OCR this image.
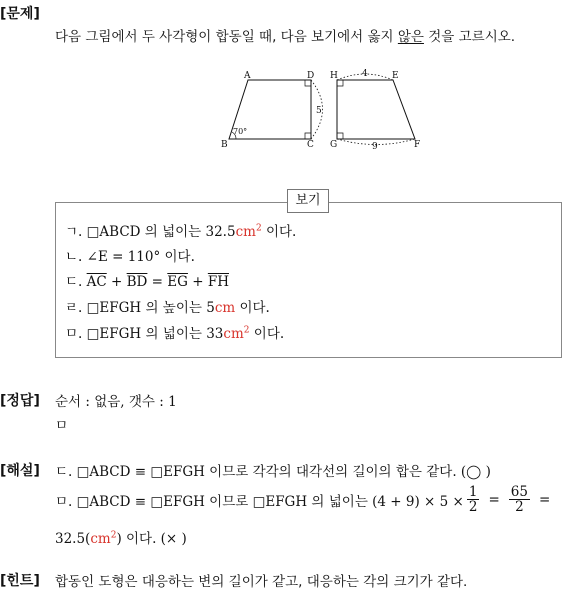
[문제]
다음 그림에서 두 사각형이 합동일 때, 다음 보기에서 옳지 않은 것을 고르시오.
A	D
B	C
5
70°
H	E
G	F
4
9
보기
ㄱ. □ABCD 의 넓이는 $32.5cm^2$ 이다.
ㄴ. ∠E = 110° 이다.
ㄷ. $\overline{AC} + \overline{BD} = \overline{EG} + \overline{FH}$
ㄹ. □EFGH 의 높이는 5cm 이다.
ㅁ. □EFGH 의 넓이는 $33cm^2$ 이다.
[정답] 순서 : 없음, 갯수 : 1
ㅁ
[해설] ㄷ. □ABCD ≡ □EFGH 이므로 각각의 대각선의 길이의 합은 같다. (◯ )
ㅁ. □ABCD ≡ □EFGH 이므로 □EFGH 의 넓이는 $(4 + 9) \times 5 \times \frac{1}{2} = \frac{65}{2}$ =
$32.5(cm^2)$ 이다. (× )
[힌트] 합동인 도형은 대응하는 변의 길이가 같고, 대응하는 각의 크기가 같다.
